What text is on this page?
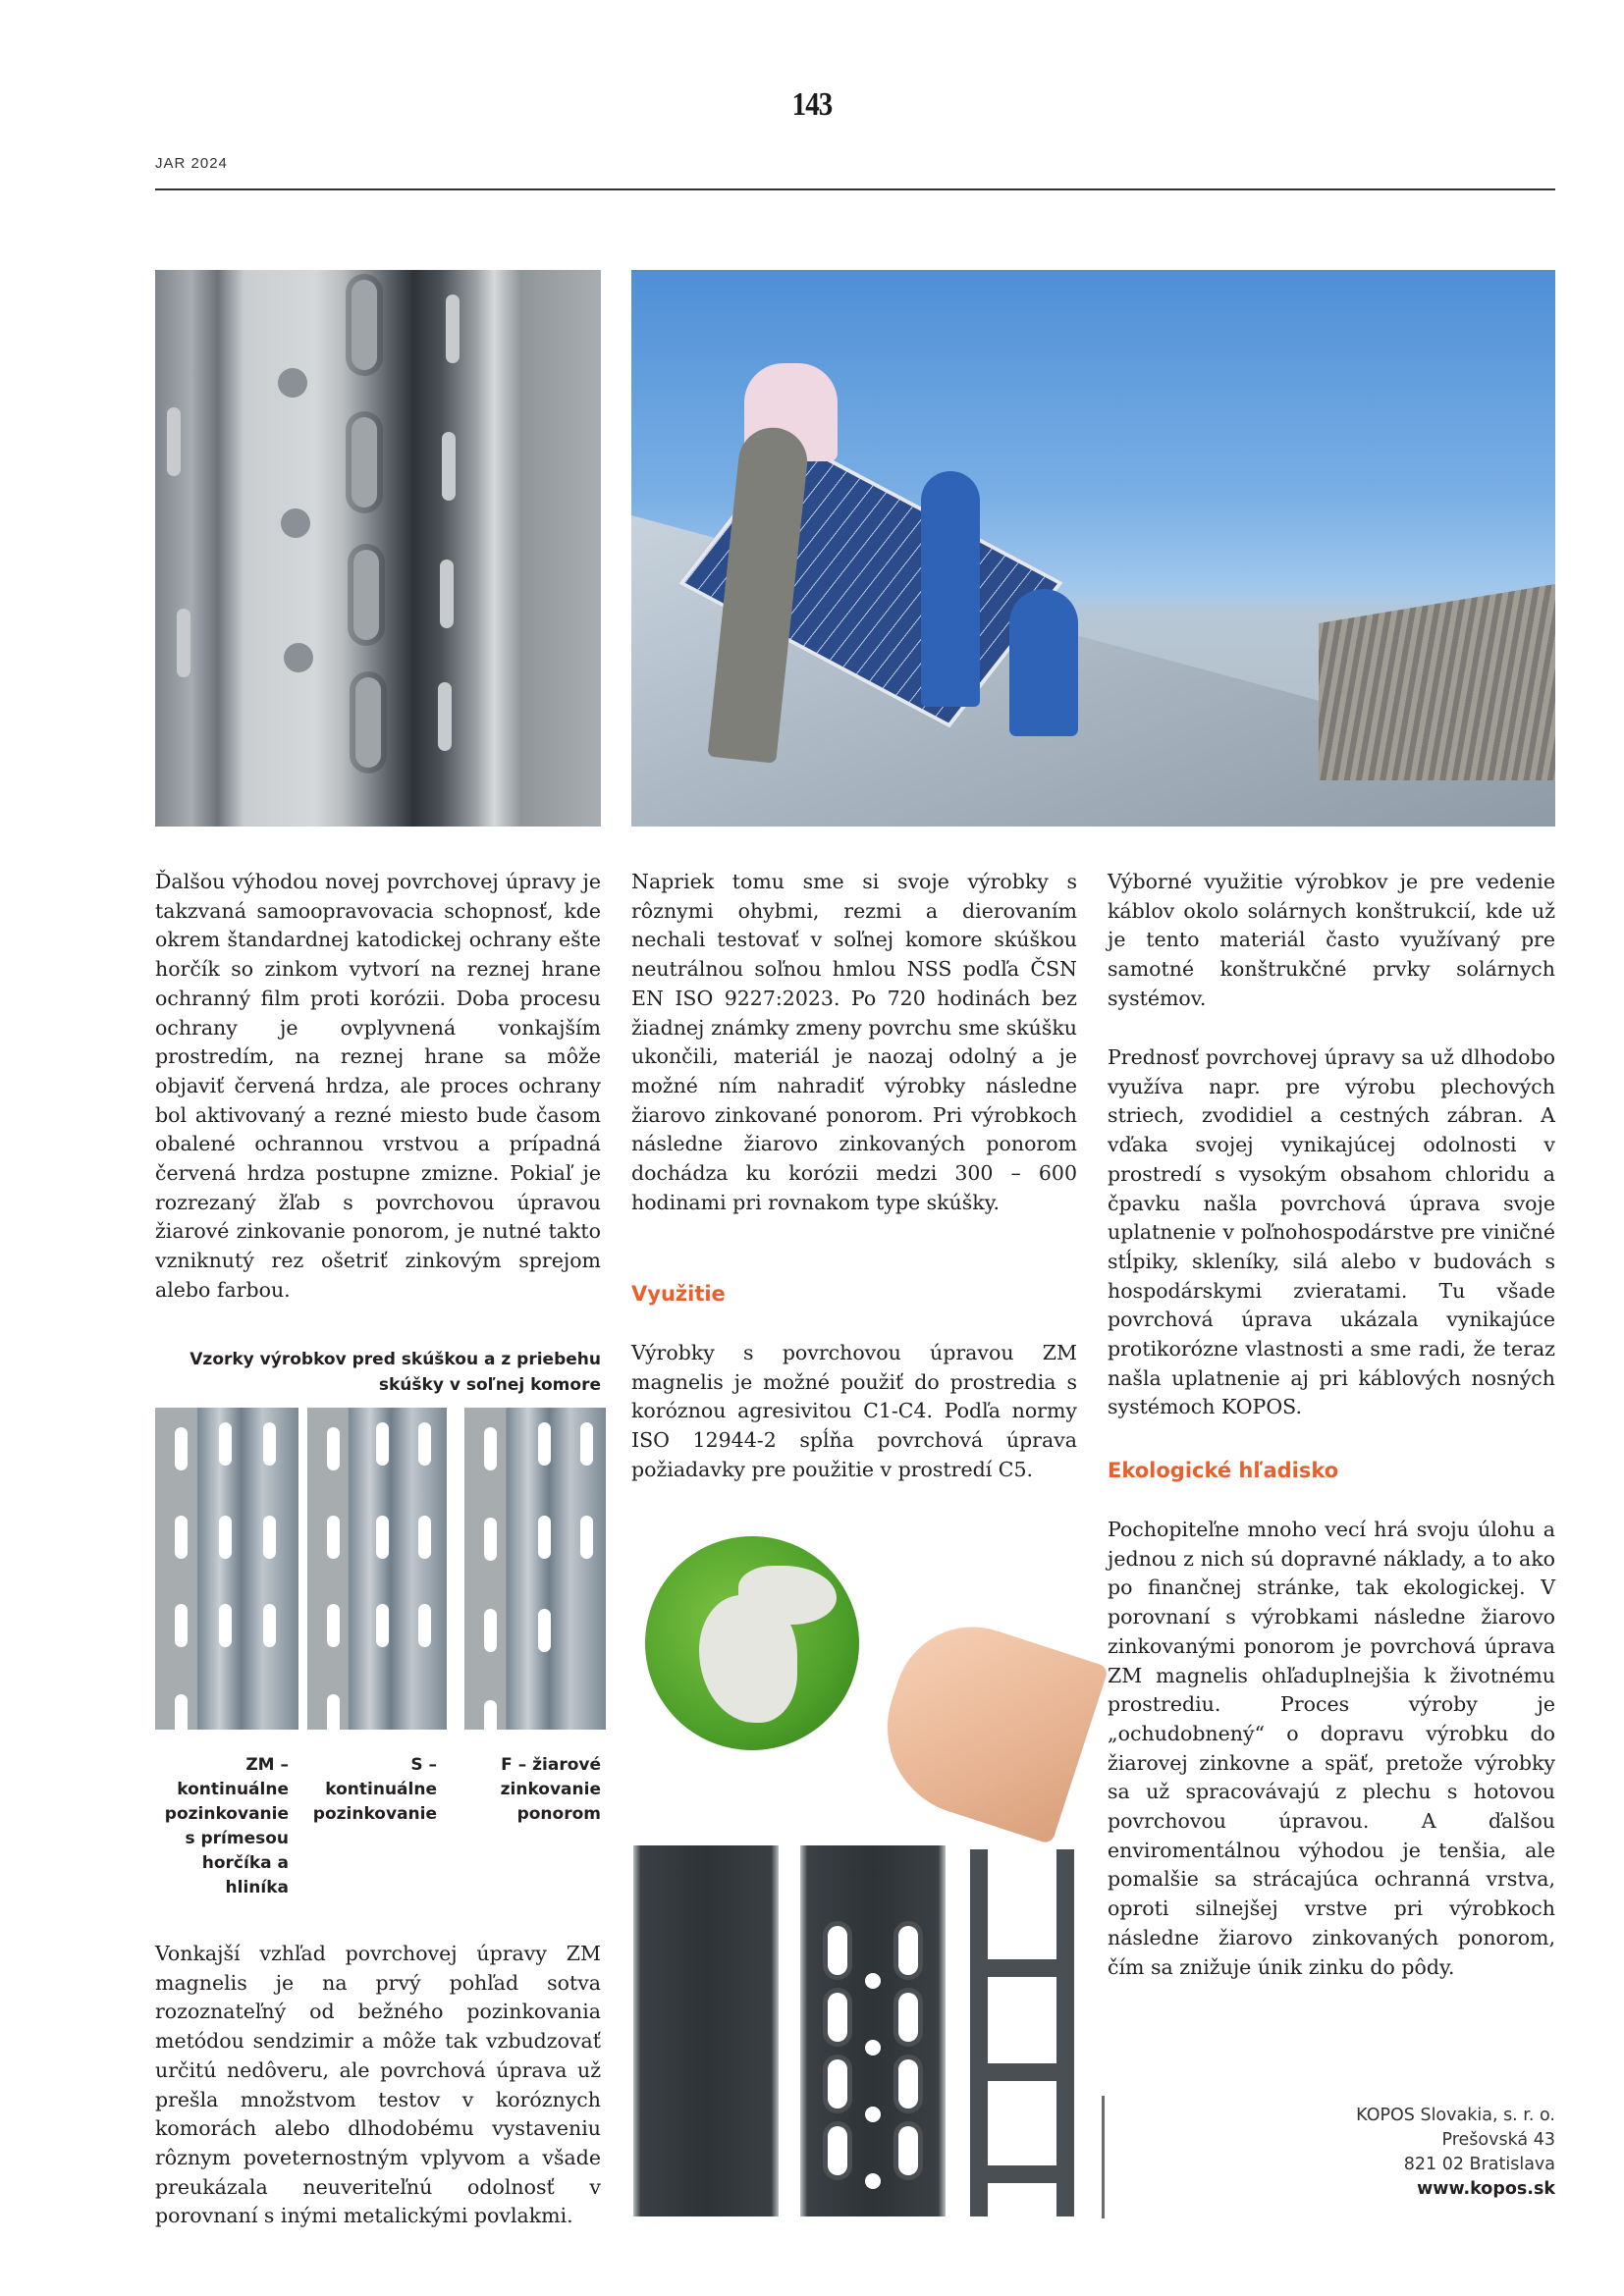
143
JAR 2024

Ďalšou výhodou novej povrchovej úpravy je takzvaná samoopravovacia schopnosť, kde okrem štandardnej katodickej ochrany ešte horčík so zinkom vytvorí na reznej hrane ochranný film proti korózii. Doba procesu ochrany je ovplyvnená vonkajším prostredím, na reznej hrane sa môže objaviť červená hrdza, ale proces ochrany bol aktivovaný a rezné miesto bude časom obalené ochrannou vrstvou a prípadná červená hrdza postupne zmizne. Pokiaľ je rozrezaný žľab s povrchovou úpravou žiarové zinkovanie ponorom, je nutné takto vzniknutý rez ošetriť zinkovým sprejom alebo farbou.

Vzorky výrobkov pred skúškou a z priebehu skúšky v soľnej komore
ZM – kontinuálne pozinkovanie s prímesou horčíka a hliníka
S – kontinuálne pozinkovanie
F – žiarové zinkovanie ponorom

Vonkajší vzhľad povrchovej úpravy ZM magnelis je na prvý pohľad sotva rozoznateľný od bežného pozinkovania metódou sendzimir a môže tak vzbudzovať určitú nedôveru, ale povrchová úprava už prešla množstvom testov v koróznych komorách alebo dlhodobému vystaveniu rôznym poveternostným vplyvom a všade preukázala neuveriteľnú odolnosť v porovnaní s inými metalickými povlakmi.

Napriek tomu sme si svoje výrobky s rôznymi ohybmi, rezmi a dierovaním nechali testovať v soľnej komore skúškou neutrálnou soľnou hmlou NSS podľa ČSN EN ISO 9227:2023. Po 720 hodinách bez žiadnej známky zmeny povrchu sme skúšku ukončili, materiál je naozaj odolný a je možné ním nahradiť výrobky následne žiarovo zinkované ponorom. Pri výrobkoch následne žiarovo zinkovaných ponorom dochádza ku korózii medzi 300 – 600 hodinami pri rovnakom type skúšky.

Využitie

Výrobky s povrchovou úpravou ZM magnelis je možné použiť do prostredia s koróznou agresivitou C1-C4. Podľa normy ISO 12944-2 spĺňa povrchová úprava požiadavky pre použitie v prostredí C5.

Výborné využitie výrobkov je pre vedenie káblov okolo solárnych konštrukcií, kde už je tento materiál často využívaný pre samotné konštrukčné prvky solárnych systémov.

Prednosť povrchovej úpravy sa už dlhodobo využíva napr. pre výrobu plechových striech, zvodidiel a cestných zábran. A vďaka svojej vynikajúcej odolnosti v prostredí s vysokým obsahom chloridu a čpavku našla povrchová úprava svoje uplatnenie v poľnohospodárstve pre viničné stĺpiky, skleníky, silá alebo v budovách s hospodárskymi zvieratami. Tu všade povrchová úprava ukázala vynikajúce protikorózne vlastnosti a sme radi, že teraz našla uplatnenie aj pri káblových nosných systémoch KOPOS.

Ekologické hľadisko

Pochopiteľne mnoho vecí hrá svoju úlohu a jednou z nich sú dopravné náklady, a to ako po finančnej stránke, tak ekologickej. V porovnaní s výrobkami následne žiarovo zinkovanými ponorom je povrchová úprava ZM magnelis ohľaduplnejšia k životnému prostrediu. Proces výroby je „ochudobnený“ o dopravu výrobku do žiarovej zinkovne a späť, pretože výrobky sa už spracovávajú z plechu s hotovou povrchovou úpravou. A ďalšou enviromentálnou výhodou je tenšia, ale pomalšie sa strácajúca ochranná vrstva, oproti silnejšej vrstve pri výrobkoch následne žiarovo zinkovaných ponorom, čím sa znižuje únik zinku do pôdy.

KOPOS Slovakia, s. r. o.
Prešovská 43
821 02 Bratislava
www.kopos.sk
